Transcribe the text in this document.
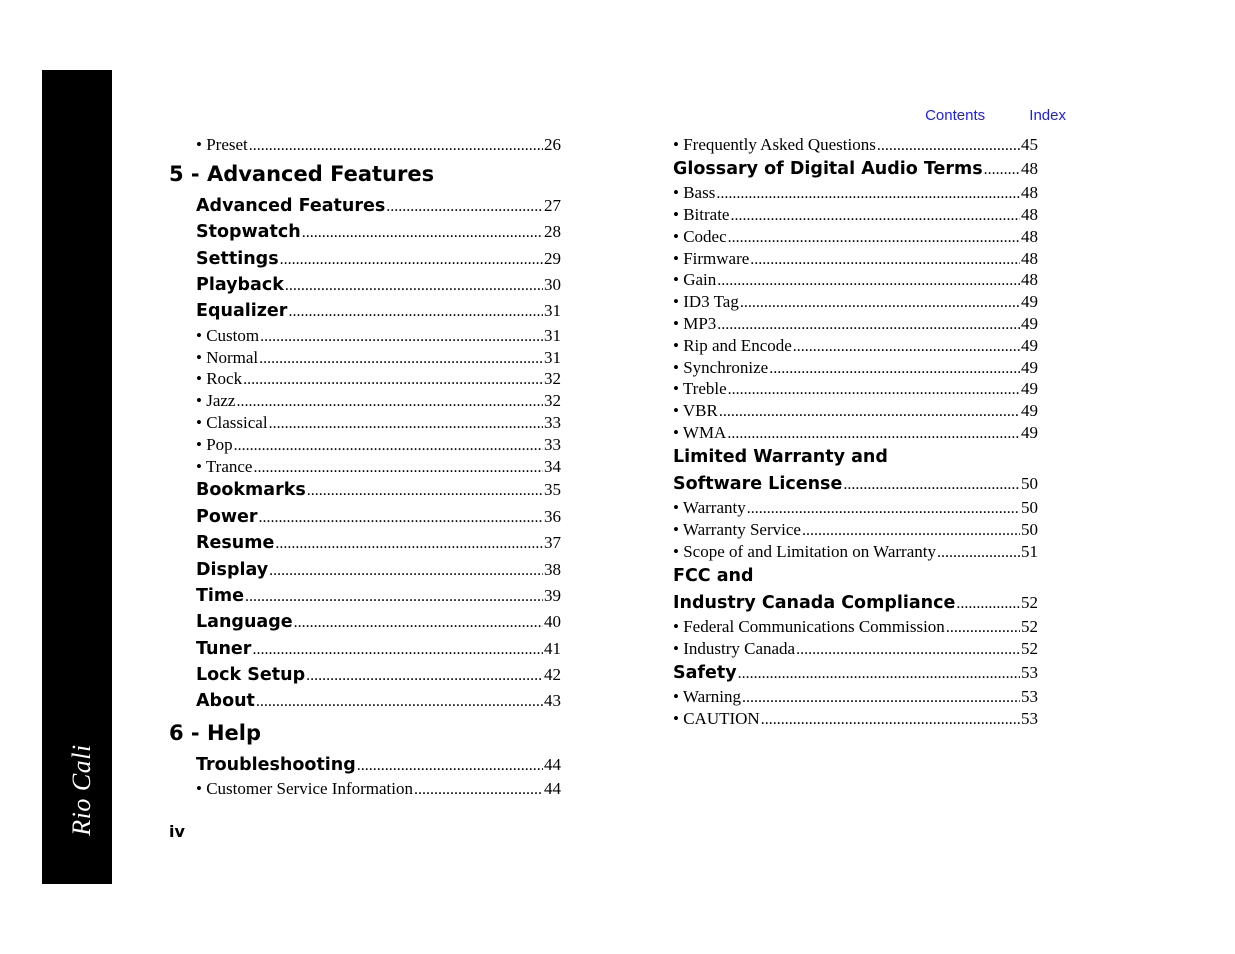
Rio Cali
Contents	Index
• Preset .....	26
5 - Advanced Features
Advanced Features .....	27
Stopwatch .....	28
Settings .....	29
Playback .....	30
Equalizer .....	31
• Custom .....	31
• Normal .....	31
• Rock .....	32
• Jazz .....	32
• Classical .....	33
• Pop .....	33
• Trance .....	34
Bookmarks .....	35
Power .....	36
Resume .....	37
Display .....	38
Time .....	39
Language .....	40
Tuner .....	41
Lock Setup .....	42
About .....	43
6 - Help
Troubleshooting .....	44
• Customer Service Information .....	44
• Frequently Asked Questions .....	45
Glossary of Digital Audio Terms ..... 48
• Bass .....	48
• Bitrate .....	48
• Codec .....	48
• Firmware .....	48
• Gain .....	48
• ID3 Tag .....	49
• MP3 .....	49
• Rip and Encode .....	49
• Synchronize .....	49
• Treble .....	49
• VBR .....	49
• WMA .....	49
Limited Warranty and
Software License .....	50
• Warranty .....	50
• Warranty Service .....	50
• Scope of and Limitation on Warranty .....	51
FCC and
Industry Canada Compliance .....	52
• Federal Communications Commission .....	52
• Industry Canada .....	52
Safety .....	53
• Warning .....	53
• CAUTION .....	53
iv
